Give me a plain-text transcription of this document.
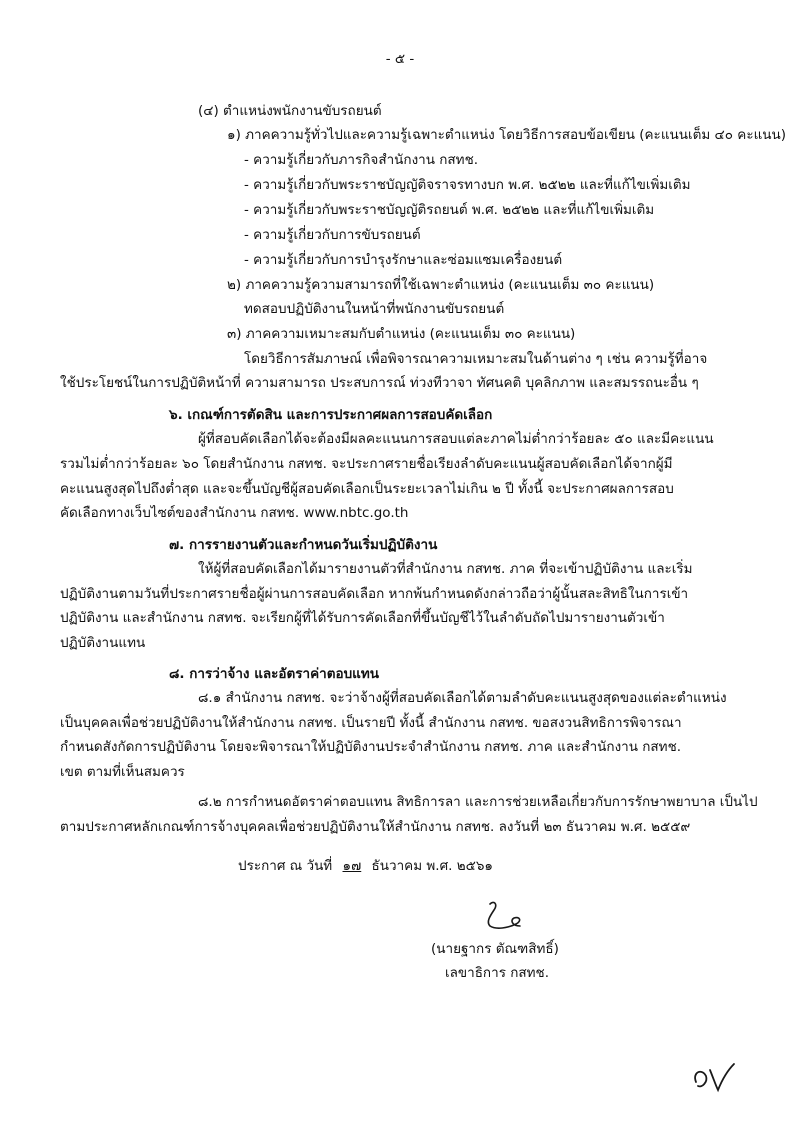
- ๕ -
(๔) ตำแหน่งพนักงานขับรถยนต์
๑) ภาคความรู้ทั่วไปและความรู้เฉพาะตำแหน่ง โดยวิธีการสอบข้อเขียน (คะแนนเต็ม ๔๐ คะแนน)
- ความรู้เกี่ยวกับภารกิจสำนักงาน กสทช.
- ความรู้เกี่ยวกับพระราชบัญญัติจราจรทางบก พ.ศ. ๒๕๒๒ และที่แก้ไขเพิ่มเติม
- ความรู้เกี่ยวกับพระราชบัญญัติรถยนต์ พ.ศ. ๒๕๒๒ และที่แก้ไขเพิ่มเติม
- ความรู้เกี่ยวกับการขับรถยนต์
- ความรู้เกี่ยวกับการบำรุงรักษาและซ่อมแซมเครื่องยนต์
๒) ภาคความรู้ความสามารถที่ใช้เฉพาะตำแหน่ง (คะแนนเต็ม ๓๐ คะแนน)
ทดสอบปฏิบัติงานในหน้าที่พนักงานขับรถยนต์
๓) ภาคความเหมาะสมกับตำแหน่ง (คะแนนเต็ม ๓๐ คะแนน)
โดยวิธีการสัมภาษณ์ เพื่อพิจารณาความเหมาะสมในด้านต่าง ๆ เช่น ความรู้ที่อาจ
ใช้ประโยชน์ในการปฏิบัติหน้าที่ ความสามารถ ประสบการณ์ ท่วงทีวาจา ทัศนคติ บุคลิกภาพ และสมรรถนะอื่น ๆ
๖. เกณฑ์การตัดสิน และการประกาศผลการสอบคัดเลือก
ผู้ที่สอบคัดเลือกได้จะต้องมีผลคะแนนการสอบแต่ละภาคไม่ต่ำกว่าร้อยละ ๕๐ และมีคะแนน
รวมไม่ต่ำกว่าร้อยละ ๖๐ โดยสำนักงาน กสทช. จะประกาศรายชื่อเรียงลำดับคะแนนผู้สอบคัดเลือกได้จากผู้มี
คะแนนสูงสุดไปถึงต่ำสุด และจะขึ้นบัญชีผู้สอบคัดเลือกเป็นระยะเวลาไม่เกิน ๒ ปี ทั้งนี้ จะประกาศผลการสอบ
คัดเลือกทางเว็บไซต์ของสำนักงาน กสทช. www.nbtc.go.th
๗. การรายงานตัวและกำหนดวันเริ่มปฏิบัติงาน
ให้ผู้ที่สอบคัดเลือกได้มารายงานตัวที่สำนักงาน กสทช. ภาค ที่จะเข้าปฏิบัติงาน และเริ่ม
ปฏิบัติงานตามวันที่ประกาศรายชื่อผู้ผ่านการสอบคัดเลือก หากพ้นกำหนดดังกล่าวถือว่าผู้นั้นสละสิทธิในการเข้า
ปฏิบัติงาน และสำนักงาน กสทช. จะเรียกผู้ที่ได้รับการคัดเลือกที่ขึ้นบัญชีไว้ในลำดับถัดไปมารายงานตัวเข้า
ปฏิบัติงานแทน
๘. การว่าจ้าง และอัตราค่าตอบแทน
๘.๑ สำนักงาน กสทช. จะว่าจ้างผู้ที่สอบคัดเลือกได้ตามลำดับคะแนนสูงสุดของแต่ละตำแหน่ง
เป็นบุคคลเพื่อช่วยปฏิบัติงานให้สำนักงาน กสทช. เป็นรายปี ทั้งนี้ สำนักงาน กสทช. ขอสงวนสิทธิการพิจารณา
กำหนดสังกัดการปฏิบัติงาน โดยจะพิจารณาให้ปฏิบัติงานประจำสำนักงาน กสทช. ภาค และสำนักงาน กสทช.
เขต ตามที่เห็นสมควร
๘.๒ การกำหนดอัตราค่าตอบแทน สิทธิการลา และการช่วยเหลือเกี่ยวกับการรักษาพยาบาล เป็นไป
ตามประกาศหลักเกณฑ์การจ้างบุคคลเพื่อช่วยปฏิบัติงานให้สำนักงาน กสทช. ลงวันที่ ๒๓ ธันวาคม พ.ศ. ๒๕๕๙
ประกาศ ณ วันที่ ๑๗ ธันวาคม พ.ศ. ๒๕๖๑
(นายฐากร ตัณฑสิทธิ์)
เลขาธิการ กสทช.
